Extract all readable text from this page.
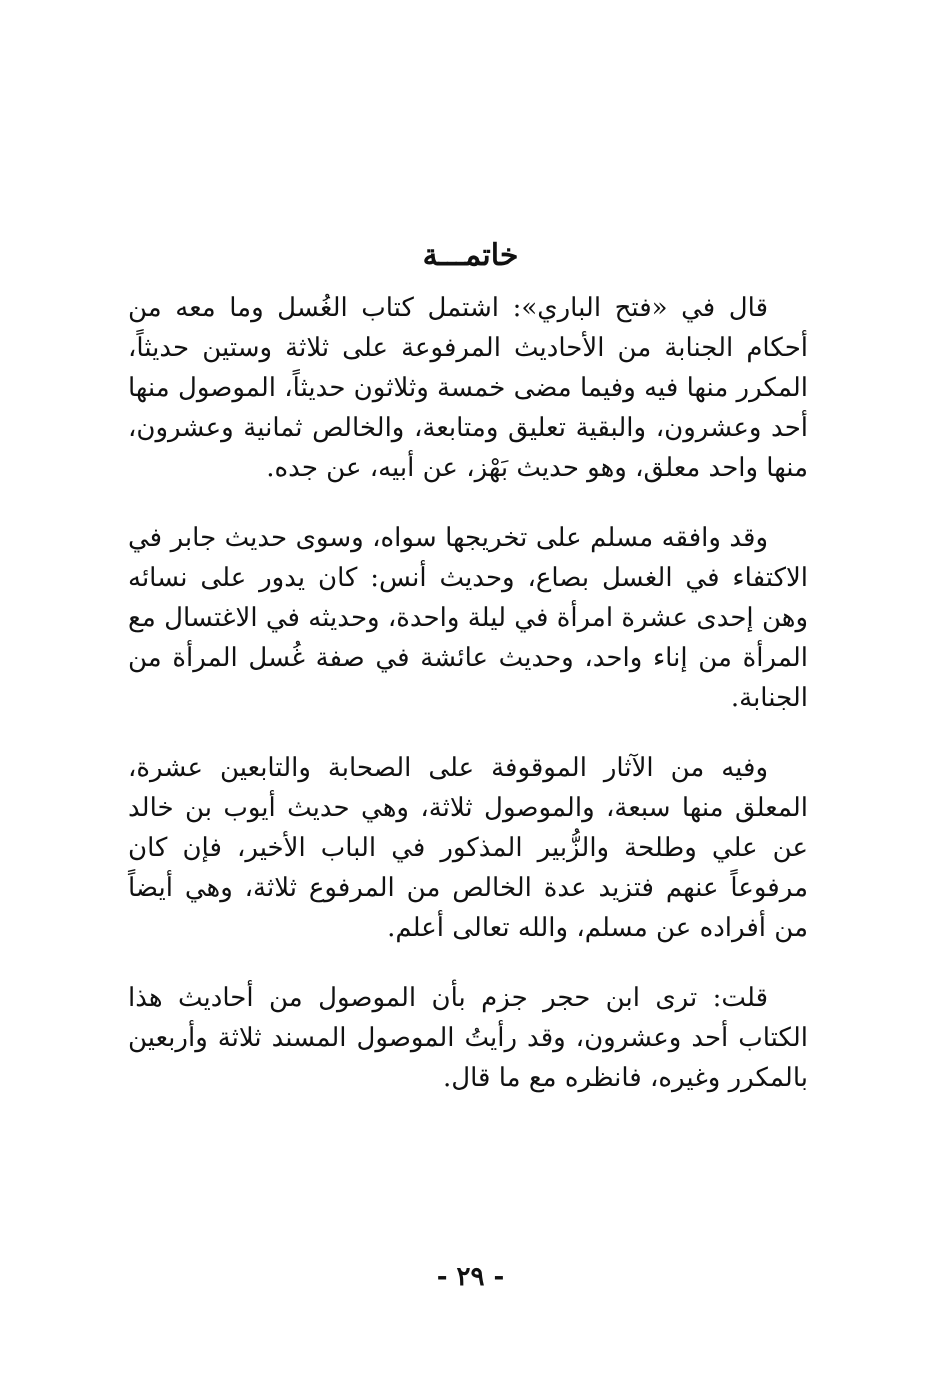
خاتمـــة

قال في «فتح الباري»: اشتمل كتاب الغُسل وما معه من أحكام الجنابة من الأحاديث المرفوعة على ثلاثة وستين حديثاً، المكرر منها فيه وفيما مضى خمسة وثلاثون حديثاً، الموصول منها أحد وعشرون، والبقية تعليق ومتابعة، والخالص ثمانية وعشرون، منها واحد معلق، وهو حديث بَهْز، عن أبيه، عن جده.

وقد وافقه مسلم على تخريجها سواه، وسوى حديث جابر في الاكتفاء في الغسل بصاع، وحديث أنس: كان يدور على نسائه وهن إحدى عشرة امرأة في ليلة واحدة، وحديثه في الاغتسال مع المرأة من إناء واحد، وحديث عائشة في صفة غُسل المرأة من الجنابة.

وفيه من الآثار الموقوفة على الصحابة والتابعين عشرة، المعلق منها سبعة، والموصول ثلاثة، وهي حديث أيوب بن خالد عن علي وطلحة والزُّبير المذكور في الباب الأخير، فإن كان مرفوعاً عنهم فتزيد عدة الخالص من المرفوع ثلاثة، وهي أيضاً من أفراده عن مسلم، والله تعالى أعلم.

قلت: ترى ابن حجر جزم بأن الموصول من أحاديث هذا الكتاب أحد وعشرون، وقد رأيتُ الموصول المسند ثلاثة وأربعين بالمكرر وغيره، فانظره مع ما قال.

- ٢٩ -
